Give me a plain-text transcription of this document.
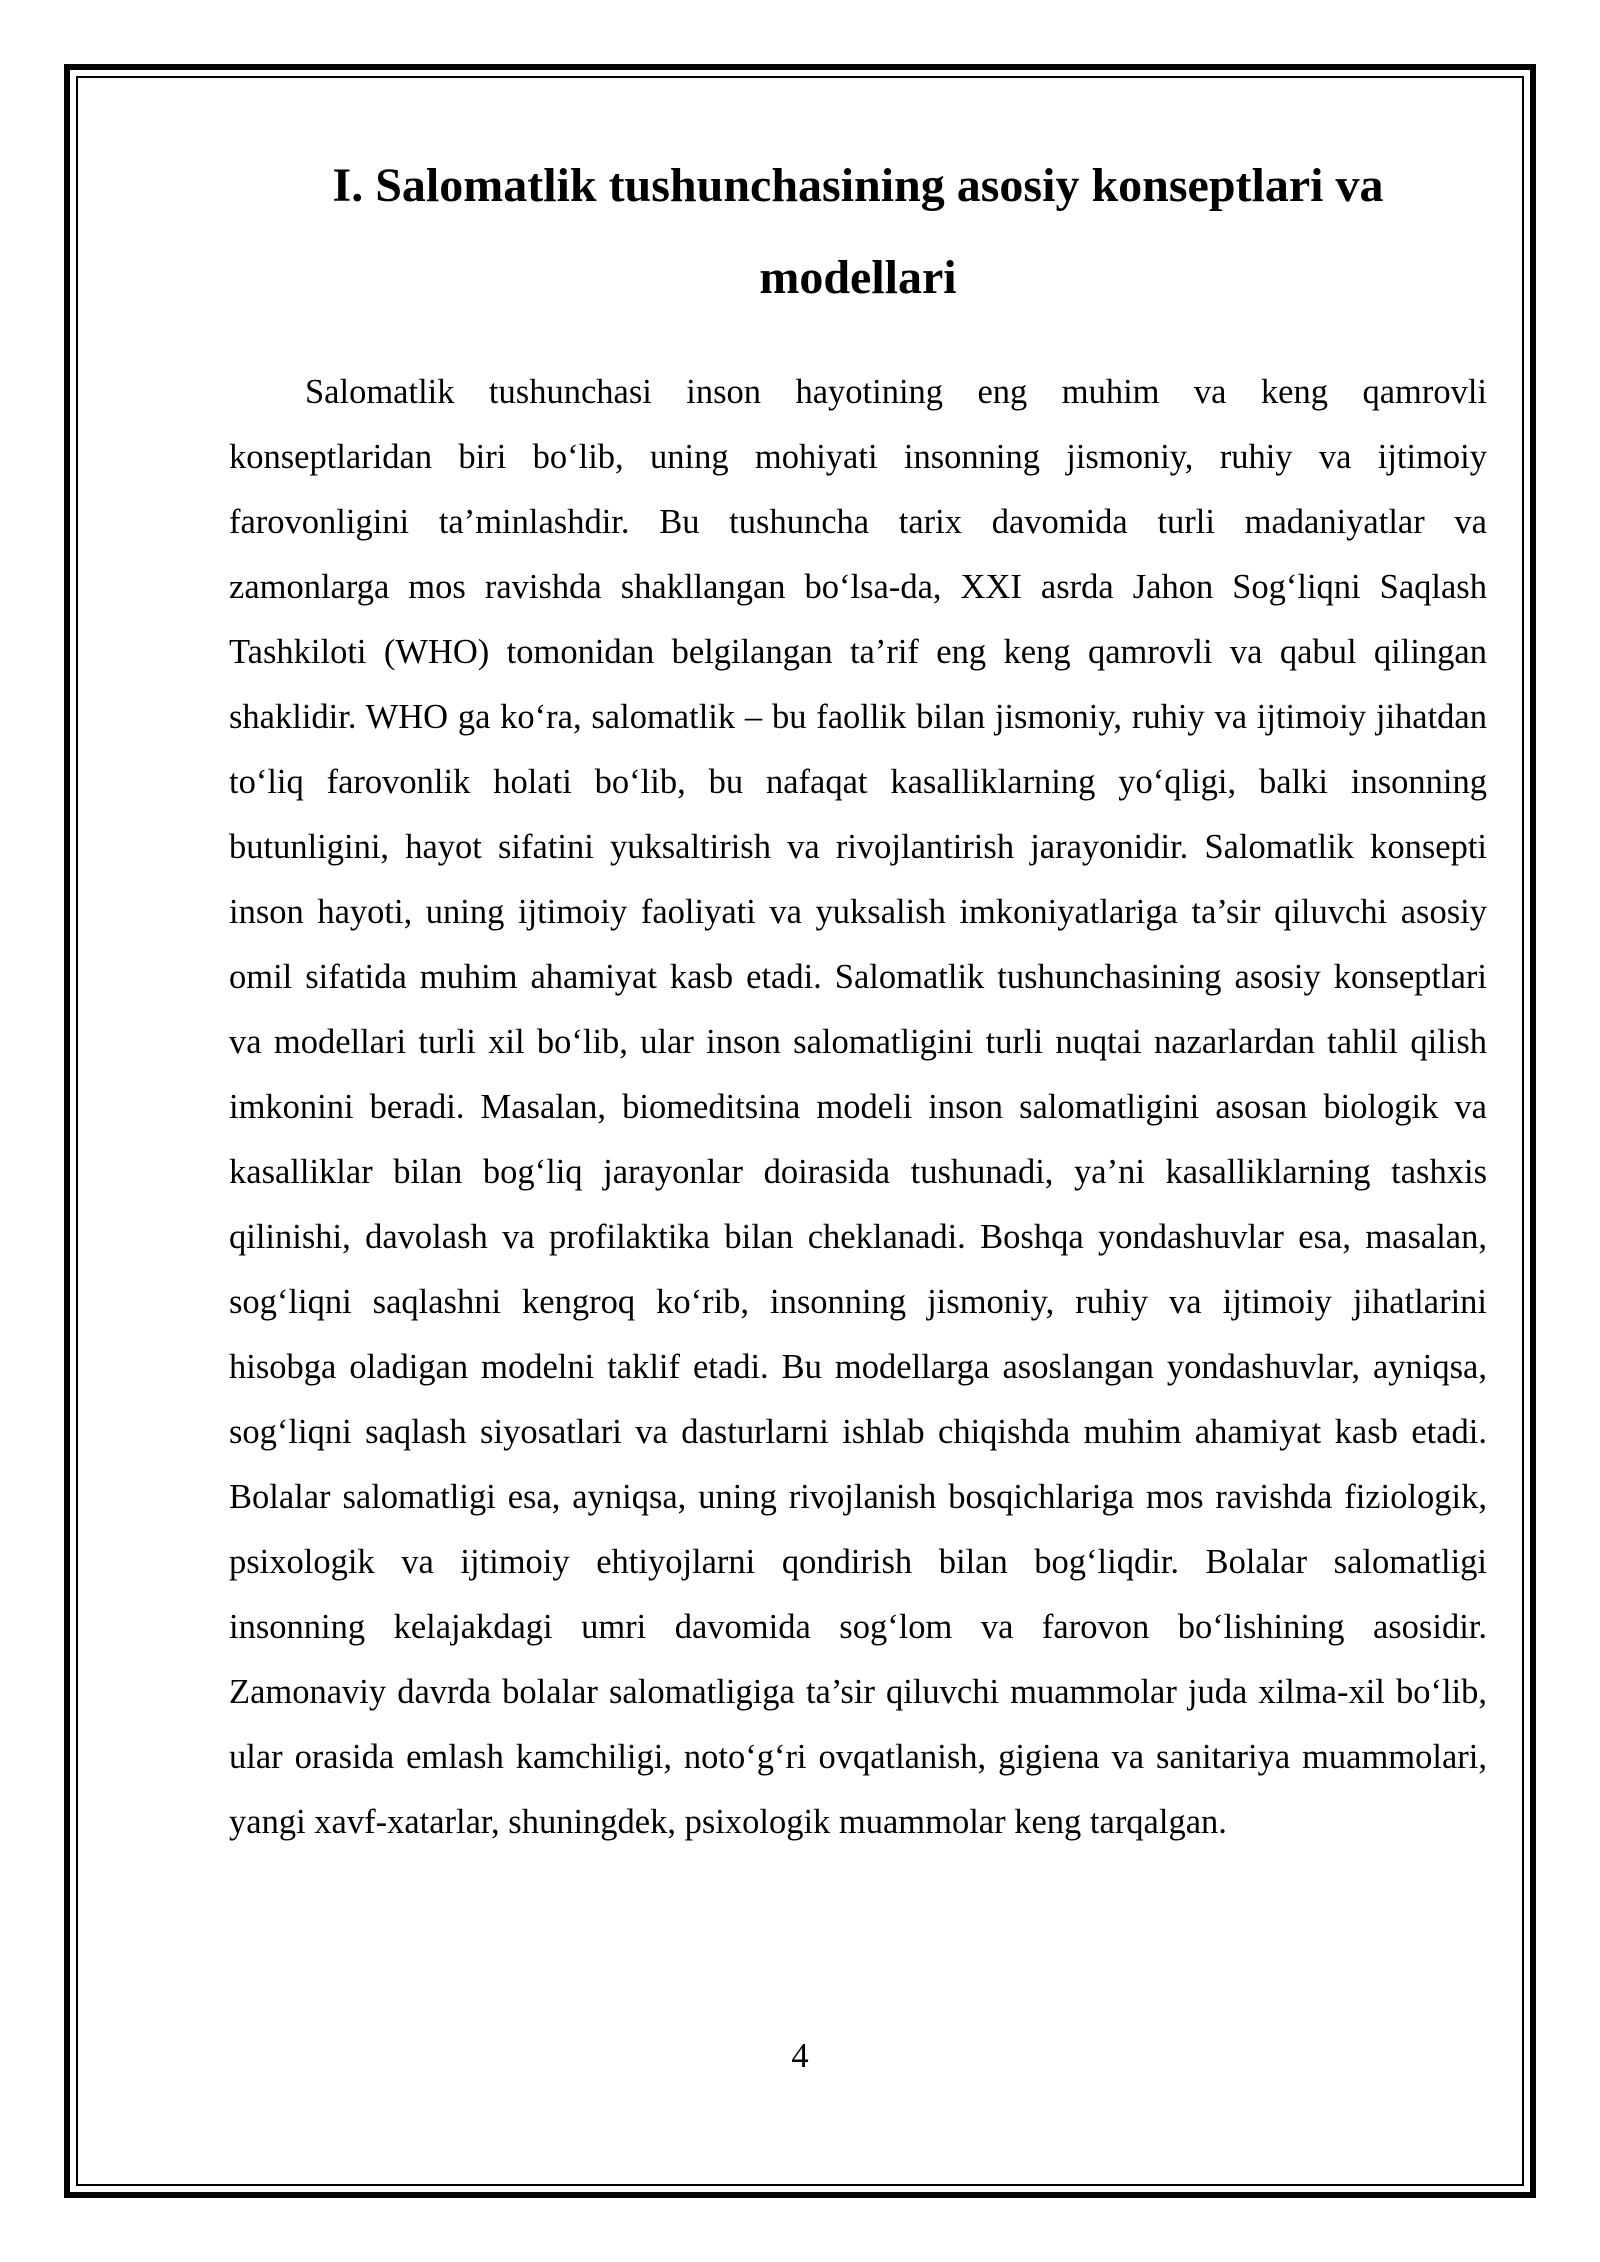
I. Salomatlik tushunchasining asosiy konseptlari va modellari

Salomatlik tushunchasi inson hayotining eng muhim va keng qamrovli konseptlaridan biri bo‘lib, uning mohiyati insonning jismoniy, ruhiy va ijtimoiy farovonligini ta’minlashdir. Bu tushuncha tarix davomida turli madaniyatlar va zamonlarga mos ravishda shakllangan bo‘lsa-da, XXI asrda Jahon Sog‘liqni Saqlash Tashkiloti (WHO) tomonidan belgilangan ta’rif eng keng qamrovli va qabul qilingan shaklidir. WHO ga ko‘ra, salomatlik – bu faollik bilan jismoniy, ruhiy va ijtimoiy jihatdan to‘liq farovonlik holati bo‘lib, bu nafaqat kasalliklarning yo‘qligi, balki insonning butunligini, hayot sifatini yuksaltirish va rivojlantirish jarayonidir. Salomatlik konsepti inson hayoti, uning ijtimoiy faoliyati va yuksalish imkoniyatlariga ta’sir qiluvchi asosiy omil sifatida muhim ahamiyat kasb etadi. Salomatlik tushunchasining asosiy konseptlari va modellari turli xil bo‘lib, ular inson salomatligini turli nuqtai nazarlardan tahlil qilish imkonini beradi. Masalan, biomeditsina modeli inson salomatligini asosan biologik va kasalliklar bilan bog‘liq jarayonlar doirasida tushunadi, ya’ni kasalliklarning tashxis qilinishi, davolash va profilaktika bilan cheklanadi. Boshqa yondashuvlar esa, masalan, sog‘liqni saqlashni kengroq ko‘rib, insonning jismoniy, ruhiy va ijtimoiy jihatlarini hisobga oladigan modelni taklif etadi. Bu modellarga asoslangan yondashuvlar, ayniqsa, sog‘liqni saqlash siyosatlari va dasturlarni ishlab chiqishda muhim ahamiyat kasb etadi. Bolalar salomatligi esa, ayniqsa, uning rivojlanish bosqichlariga mos ravishda fiziologik, psixologik va ijtimoiy ehtiyojlarni qondirish bilan bog‘liqdir. Bolalar salomatligi insonning kelajakdagi umri davomida sog‘lom va farovon bo‘lishining asosidir. Zamonaviy davrda bolalar salomatligiga ta’sir qiluvchi muammolar juda xilma-xil bo‘lib, ular orasida emlash kamchiligi, noto‘g‘ri ovqatlanish, gigiena va sanitariya muammolari, yangi xavf-xatarlar, shuningdek, psixologik muammolar keng tarqalgan.

4
